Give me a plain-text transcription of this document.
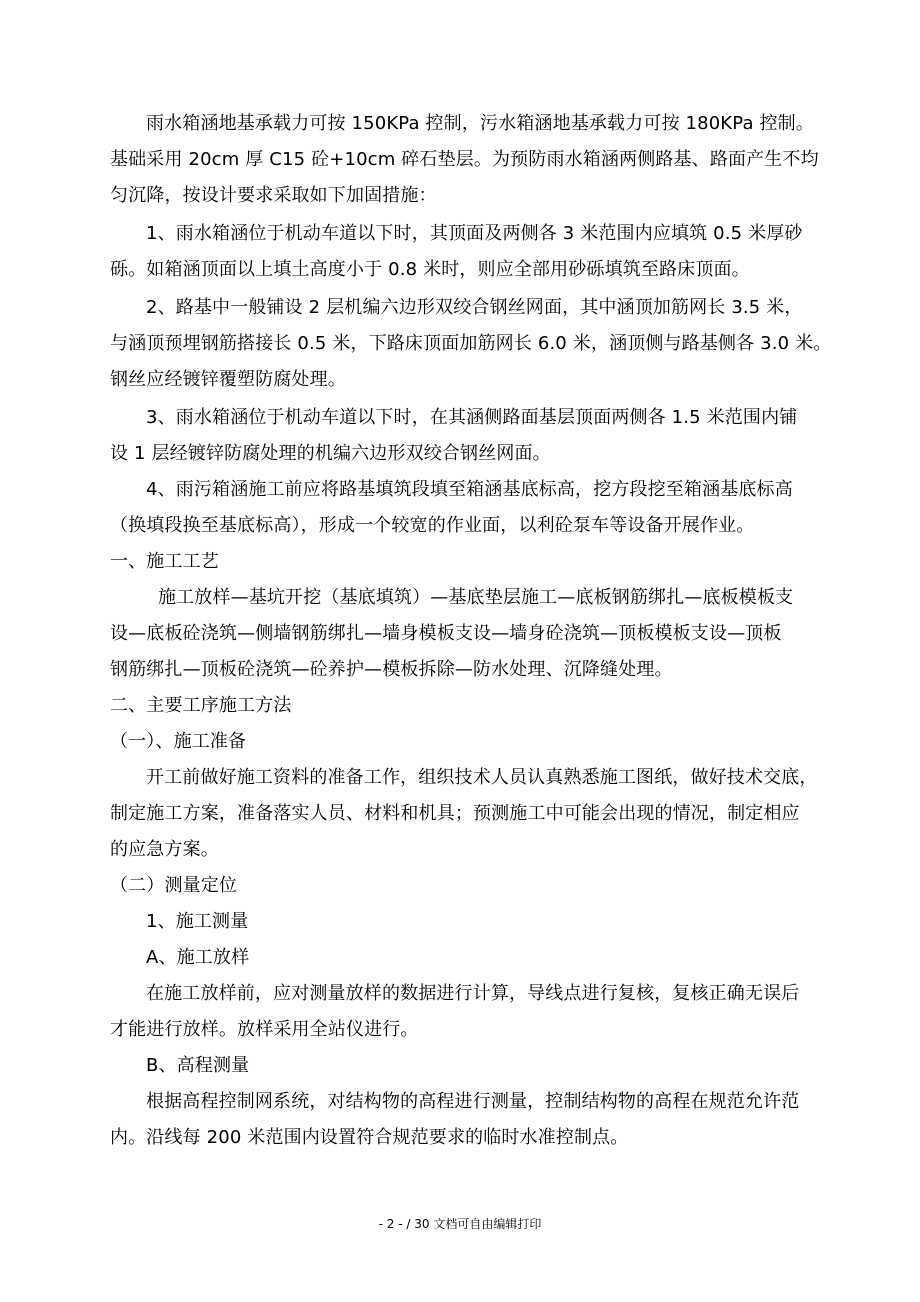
雨水箱涵地基承载力可按 150KPa 控制，污水箱涵地基承载力可按 180KPa 控制。
基础采用 20cm 厚 C15 砼+10cm 碎石垫层。为预防雨水箱涵两侧路基、路面产生不均
匀沉降，按设计要求采取如下加固措施：
1、雨水箱涵位于机动车道以下时，其顶面及两侧各 3 米范围内应填筑 0.5 米厚砂
砾。如箱涵顶面以上填土高度小于 0.8 米时，则应全部用砂砾填筑至路床顶面。
2、路基中一般铺设 2 层机编六边形双绞合钢丝网面，其中涵顶加筋网长 3.5 米，
与涵顶预埋钢筋搭接长 0.5 米，下路床顶面加筋网长 6.0 米，涵顶侧与路基侧各 3.0 米。
钢丝应经镀锌覆塑防腐处理。
3、雨水箱涵位于机动车道以下时，在其涵侧路面基层顶面两侧各 1.5 米范围内铺
设 1 层经镀锌防腐处理的机编六边形双绞合钢丝网面。
4、雨污箱涵施工前应将路基填筑段填至箱涵基底标高，挖方段挖至箱涵基底标高
（换填段换至基底标高），形成一个较宽的作业面，以利砼泵车等设备开展作业。
一、施工工艺
施工放样—基坑开挖（基底填筑）—基底垫层施工—底板钢筋绑扎—底板模板支
设—底板砼浇筑—侧墙钢筋绑扎—墙身模板支设—墙身砼浇筑—顶板模板支设—顶板
钢筋绑扎—顶板砼浇筑—砼养护—模板拆除—防水处理、沉降缝处理。
二、主要工序施工方法
（一）、施工准备
开工前做好施工资料的准备工作，组织技术人员认真熟悉施工图纸，做好技术交底，
制定施工方案，准备落实人员、材料和机具；预测施工中可能会出现的情况，制定相应
的应急方案。
（二）测量定位
1、施工测量
A、施工放样
在施工放样前，应对测量放样的数据进行计算，导线点进行复核，复核正确无误后
才能进行放样。放样采用全站仪进行。
B、高程测量
根据高程控制网系统，对结构物的高程进行测量，控制结构物的高程在规范允许范
内。沿线每 200 米范围内设置符合规范要求的临时水准控制点。
- 2 - / 30 文档可自由编辑打印
